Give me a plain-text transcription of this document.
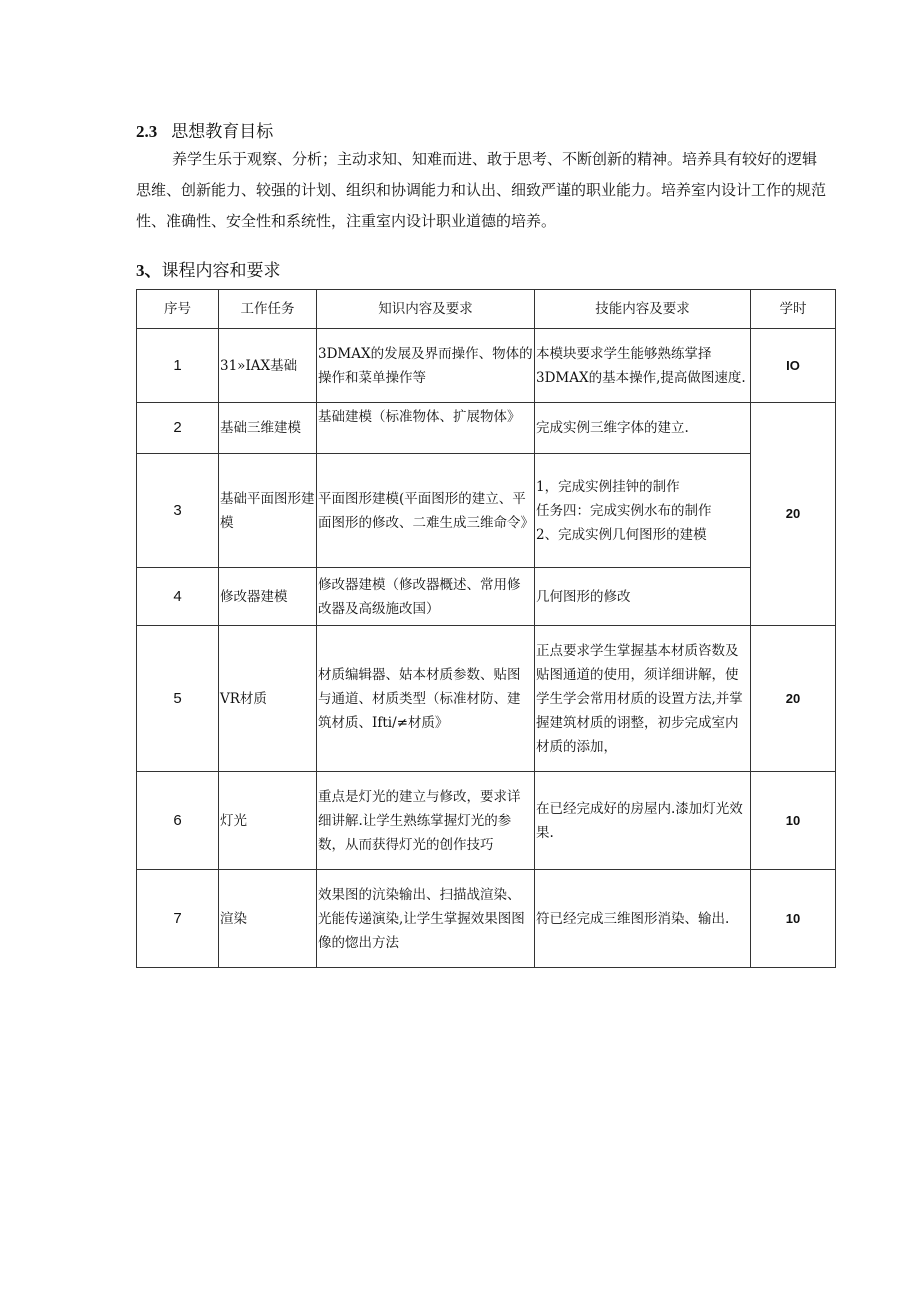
2.3 思想教育目标

养学生乐于观察、分析；主动求知、知难而进、敢于思考、不断创新的精神。培养具有较好的逻辑思维、创新能力、较强的计划、组织和协调能力和认出、细致严谨的职业能力。培养室内设计工作的规范性、准确性、安全性和系统性，注重室内设计职业道德的培养。

3、课程内容和要求
序号	工作任务	知识内容及要求	技能内容及要求	学时
1	31»IAX基础	3DMAX的发展及界而操作、物体的操作和菜单操作等	本模块要求学生能够熟练掌择3DMAX的基本操作,提高做图速度.	IO
2	基础三维建模	基础建模（标准物体、扩展物体》	完成实例三维字体的建立.	20
3	基础平面图形建模	平面图形建模(平面图形的建立、平面图形的修改、二难生成三维命令》	1，完成实例挂钟的制作
任务四：完成实例水布的制作
2、完成实例几何图形的建模	

4	修改器建模	修改器建模（修改器概述、常用修改器及高级施改国）	几何图形的修改	
5	VR材质	材质编辑器、姑本材质参数、贴图与通道、材质类型（标准材防、建筑材质、Ifti/≠材质》	正点要求学生掌握基本材质咨数及贴图通道的使用，须详细讲解，使学生学会常用材质的设置方法,并掌握建筑材质的诩整，初步完成室内材质的添加，	20
6	灯光	重点是灯光的建立与修改，要求详细讲解.让学生熟练掌握灯光的参数，从而获得灯光的创作技巧	在已经完成好的房屋内.漆加灯光效果.	10
7	渲染	效果图的沆染输出、扫描战渲染、光能传递演染,让学生掌握效果图图像的惚出方法	符已经完成三维图形消染、输出.	10
